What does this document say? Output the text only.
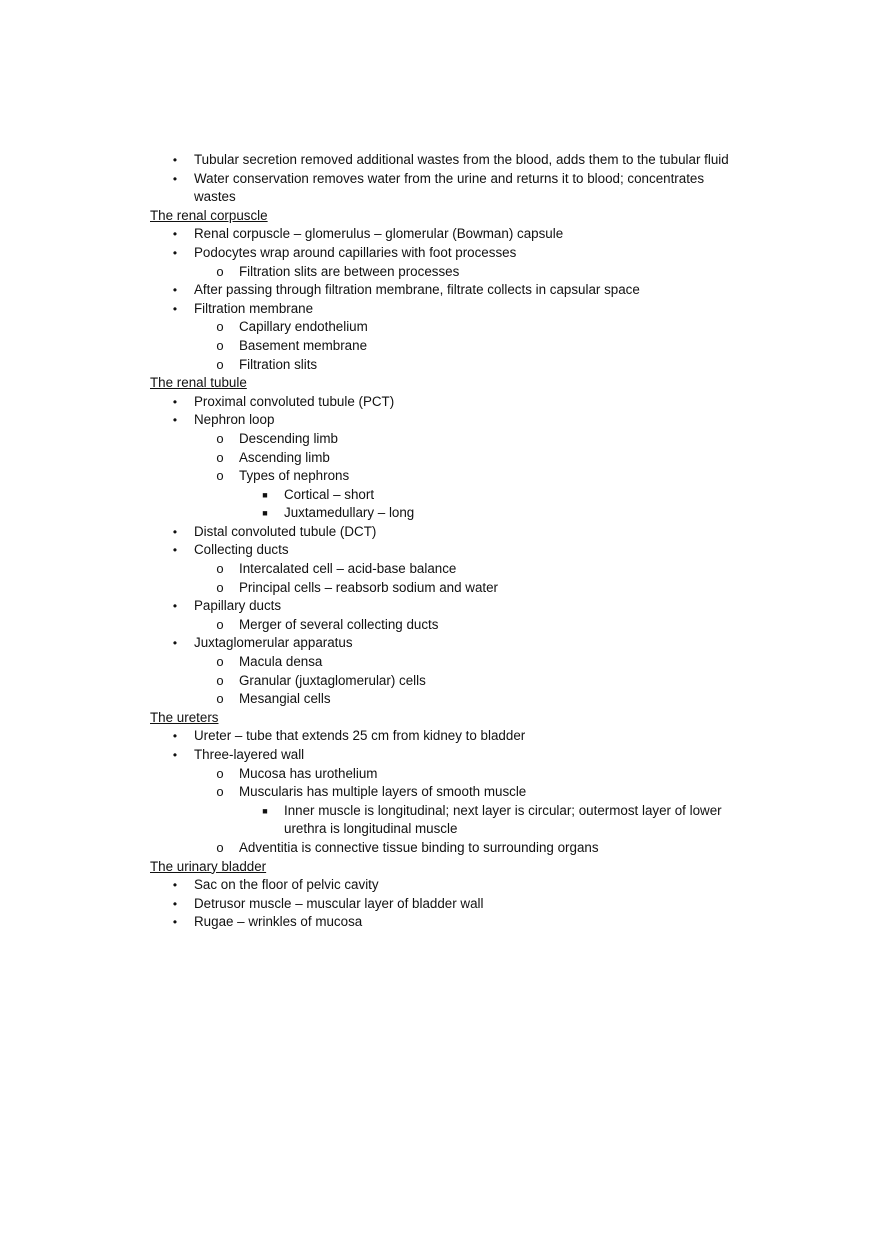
•	Tubular secretion removed additional wastes from the blood, adds them to the tubular fluid
•	Water conservation removes water from the urine and returns it to blood; concentrates wastes
The renal corpuscle
•	Renal corpuscle – glomerulus – glomerular (Bowman) capsule
•	Podocytes wrap around capillaries with foot processes
o	Filtration slits are between processes
•	After passing through filtration membrane, filtrate collects in capsular space
•	Filtration membrane
o	Capillary endothelium
o	Basement membrane
o	Filtration slits
The renal tubule
•	Proximal convoluted tubule (PCT)
•	Nephron loop
o	Descending limb
o	Ascending limb
o	Types of nephrons
■	Cortical – short
■	Juxtamedullary – long
•	Distal convoluted tubule (DCT)
•	Collecting ducts
o	Intercalated cell – acid-base balance
o	Principal cells – reabsorb sodium and water
•	Papillary ducts
o	Merger of several collecting ducts
•	Juxtaglomerular apparatus
o	Macula densa
o	Granular (juxtaglomerular) cells
o	Mesangial cells
The ureters
•	Ureter – tube that extends 25 cm from kidney to bladder
•	Three-layered wall
o	Mucosa has urothelium
o	Muscularis has multiple layers of smooth muscle
■	Inner muscle is longitudinal; next layer is circular; outermost layer of lower urethra is longitudinal muscle
o	Adventitia is connective tissue binding to surrounding organs
The urinary bladder
•	Sac on the floor of pelvic cavity
•	Detrusor muscle – muscular layer of bladder wall
•	Rugae – wrinkles of mucosa
